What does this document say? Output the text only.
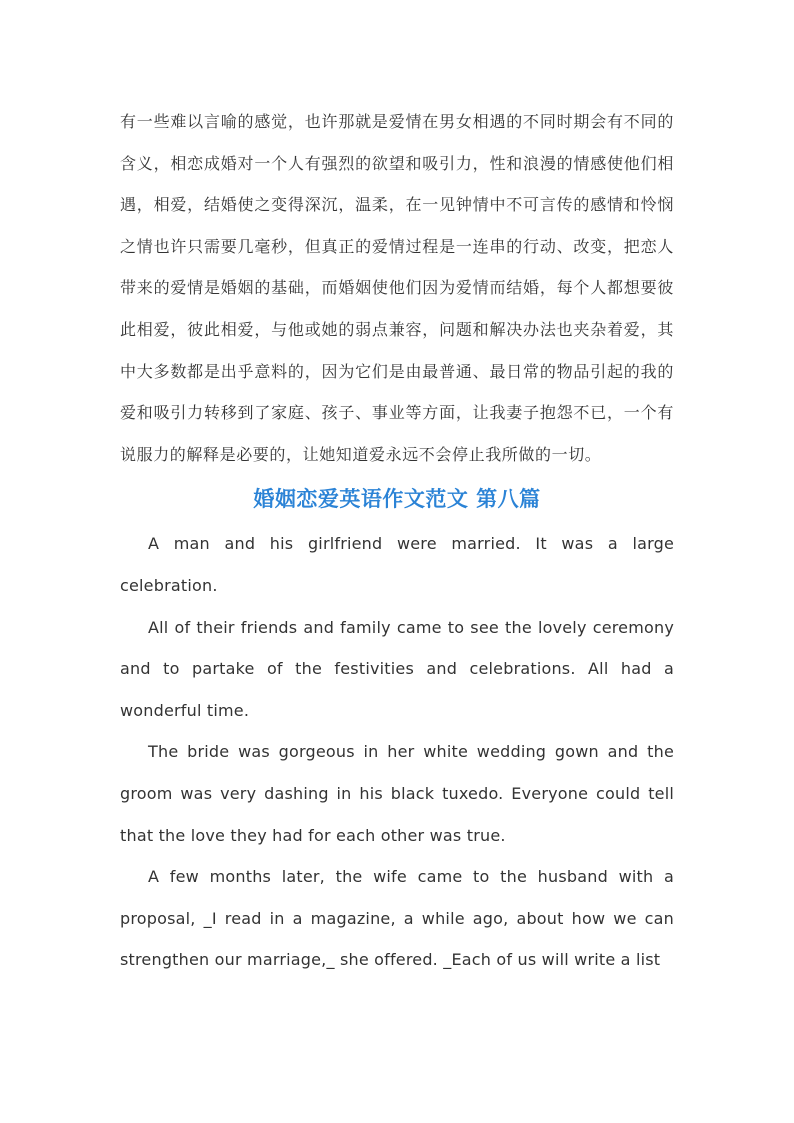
有一些难以言喻的感觉，也许那就是爱情在男女相遇的不同时期会有不同的含义，相恋成婚对一个人有强烈的欲望和吸引力，性和浪漫的情感使他们相遇，相爱，结婚使之变得深沉，温柔，在一见钟情中不可言传的感情和怜悯之情也许只需要几毫秒，但真正的爱情过程是一连串的行动、改变，把恋人带来的爱情是婚姻的基础，而婚姻使他们因为爱情而结婚，每个人都想要彼此相爱，彼此相爱，与他或她的弱点兼容，问题和解决办法也夹杂着爱，其中大多数都是出乎意料的，因为它们是由最普通、最日常的物品引起的我的爱和吸引力转移到了家庭、孩子、事业等方面，让我妻子抱怨不已，一个有说服力的解释是必要的，让她知道爱永远不会停止我所做的一切。

婚姻恋爱英语作文范文 第八篇

A man and his girlfriend were married. It was a large celebration.

All of their friends and family came to see the lovely ceremony and to partake of the festivities and celebrations. All had a wonderful time.

The bride was gorgeous in her white wedding gown and the groom was very dashing in his black tuxedo. Everyone could tell that the love they had for each other was true.

A few months later, the wife came to the husband with a proposal, _I read in a magazine, a while ago, about how we can strengthen our marriage,_ she offered. _Each of us will write a list
